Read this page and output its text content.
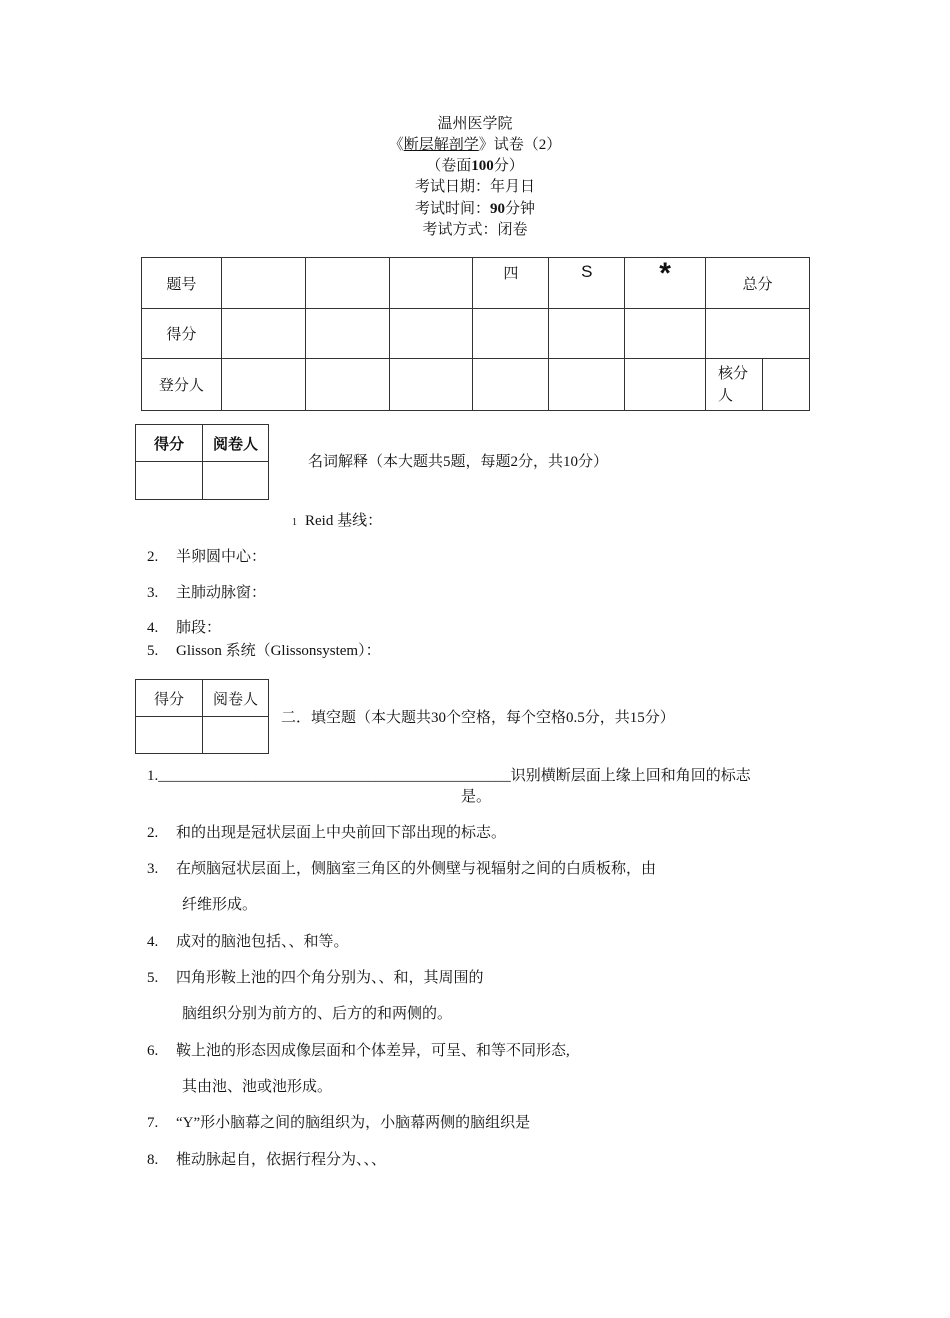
温州医学院
《断层解剖学》试卷（2）
（卷面100分）
考试日期：年月日
考试时间：90分钟
考试方式：闭卷
题号				四	S	*	总分	
得分								
登分人							核分人	
得分	阅卷人

名词解释（本大题共5题，每题2分，共10分）
1 Reid 基线：
2. 半卵圆中心：
3. 主肺动脉窗：
4. 肺段：
5. Glisson 系统（Glissonsystem）：
得分	阅卷人

二．填空题（本大题共30个空格，每个空格0.5分，共15分）
1._______________________________________________识别横断层面上缘上回和角回的标志
是。
2. 和的出现是冠状层面上中央前回下部出现的标志。
3. 在颅脑冠状层面上，侧脑室三角区的外侧壁与视辐射之间的白质板称，由
纤维形成。
4. 成对的脑池包括、、和等。
5. 四角形鞍上池的四个角分别为、、和，其周围的
脑组织分别为前方的、后方的和两侧的。
6. 鞍上池的形态因成像层面和个体差异，可呈、和等不同形态,
其由池、池或池形成。
7. “Y”形小脑幕之间的脑组织为，小脑幕两侧的脑组织是
8. 椎动脉起自，依据行程分为、、、
